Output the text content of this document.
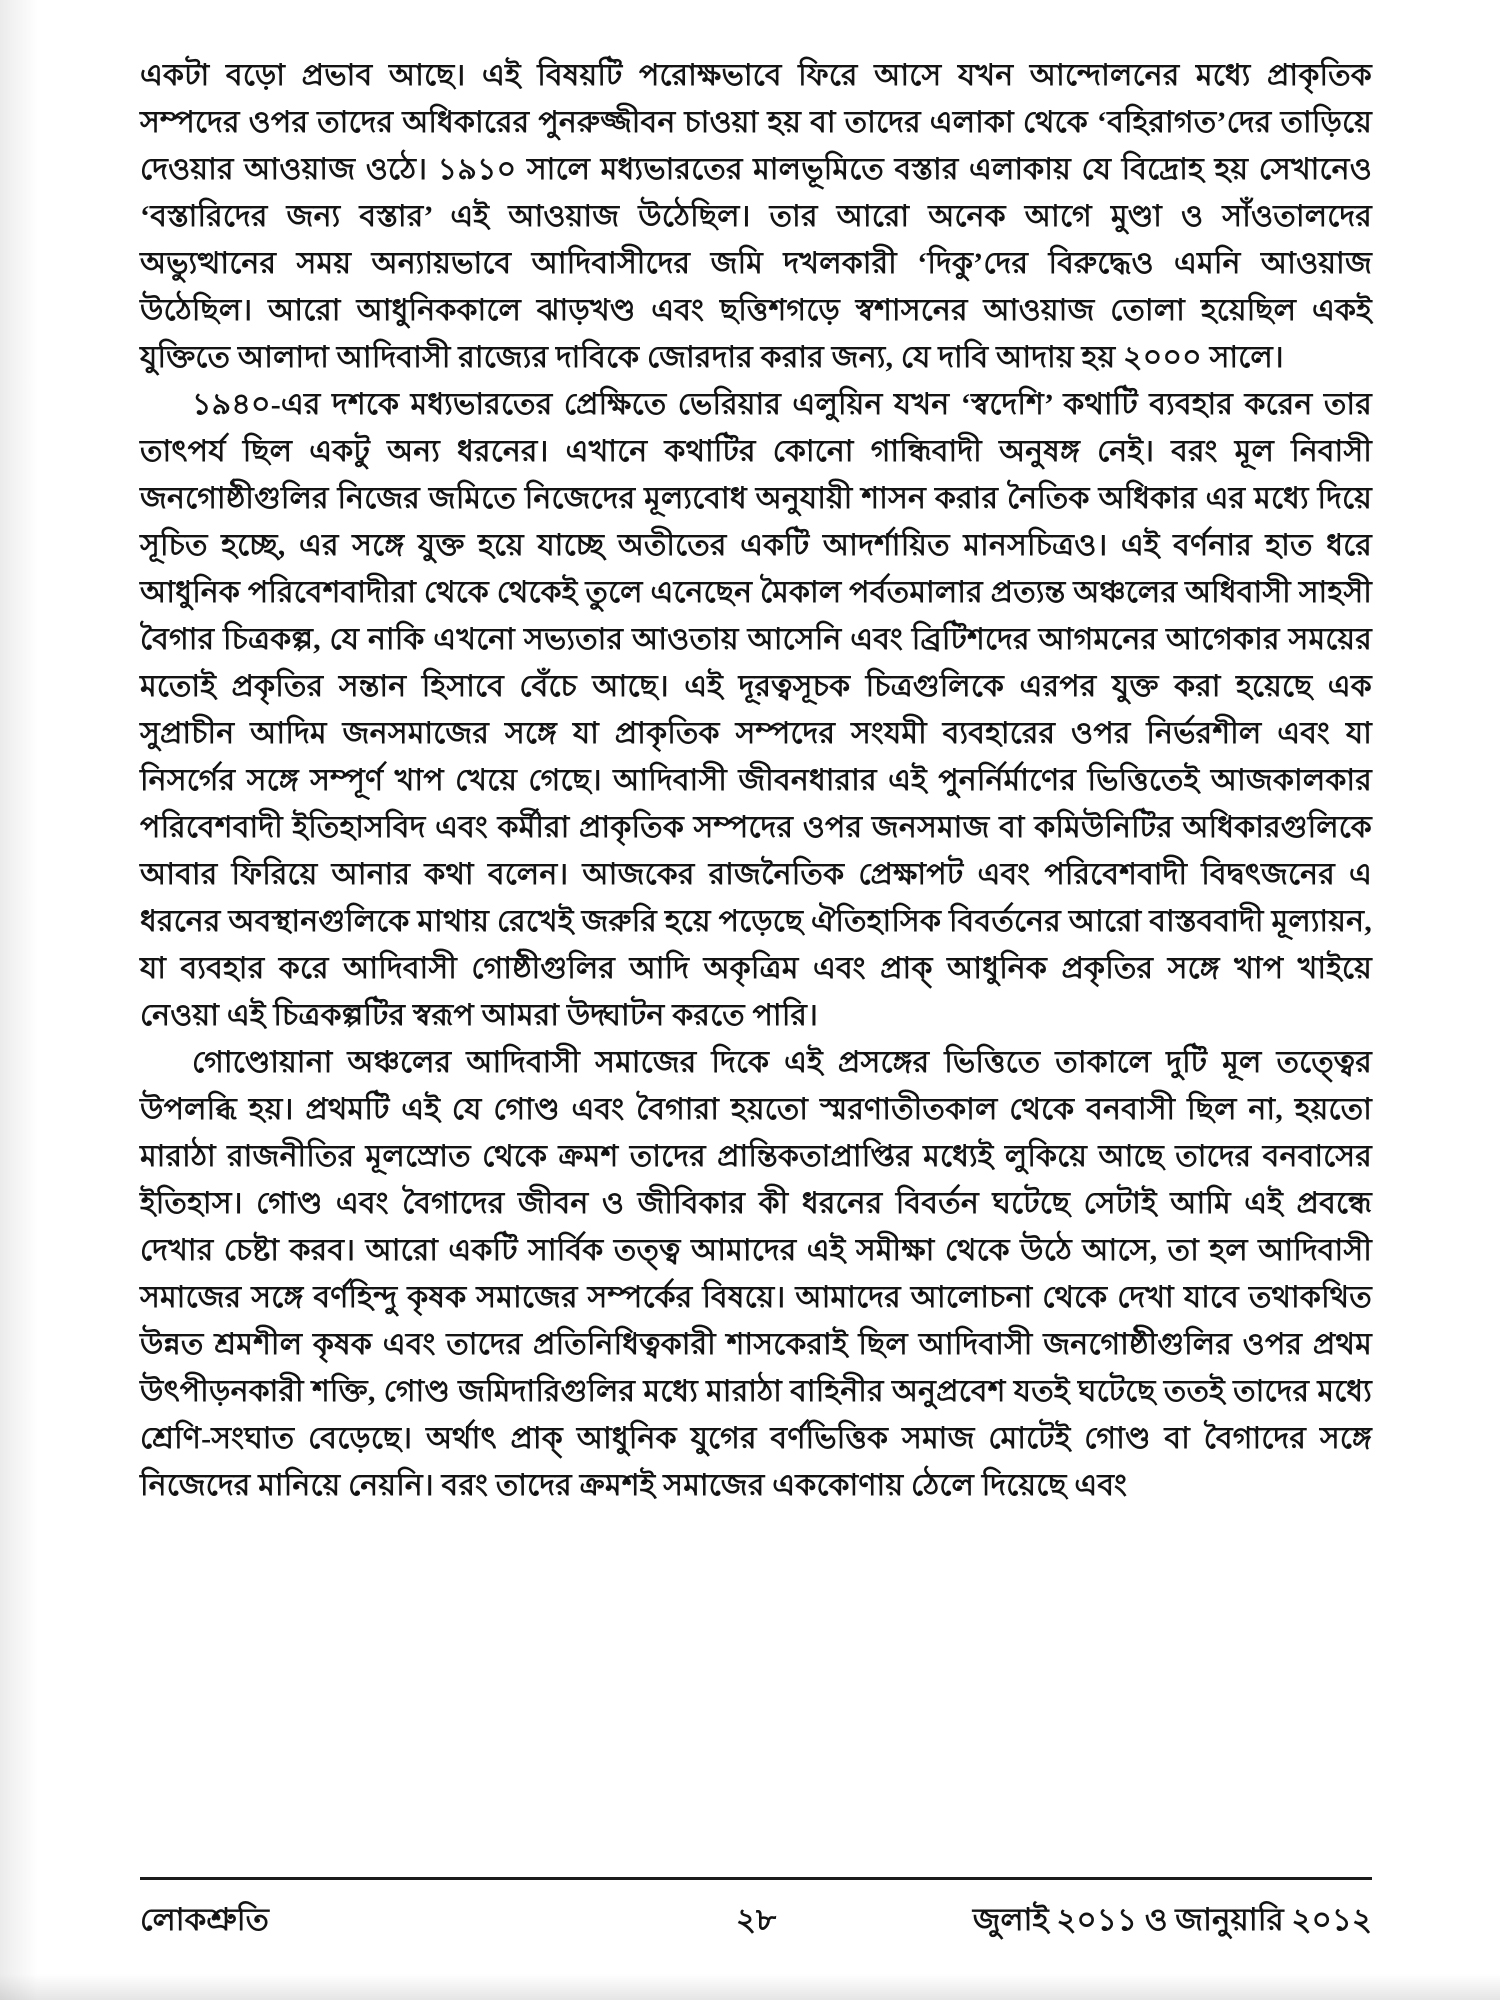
একটা বড়ো প্রভাব আছে। এই বিষয়টি পরোক্ষভাবে ফিরে আসে যখন আন্দোলনের মধ্যে প্রাকৃতিক সম্পদের ওপর তাদের অধিকারের পুনরুজ্জীবন চাওয়া হয় বা তাদের এলাকা থেকে ‘বহিরাগত’দের তাড়িয়ে দেওয়ার আওয়াজ ওঠে। ১৯১০ সালে মধ্যভারতের মালভূমিতে বস্তার এলাকায় যে বিদ্রোহ হয় সেখানেও ‘বস্তারিদের জন্য বস্তার’ এই আওয়াজ উঠেছিল। তার আরো অনেক আগে মুণ্ডা ও সাঁওতালদের অভ্যুত্থানের সময় অন্যায়ভাবে আদিবাসীদের জমি দখলকারী ‘দিকু’দের বিরুদ্ধেও এমনি আওয়াজ উঠেছিল। আরো আধুনিককালে ঝাড়খণ্ড এবং ছত্তিশগড়ে স্বশাসনের আওয়াজ তোলা হয়েছিল একই যুক্তিতে আলাদা আদিবাসী রাজ্যের দাবিকে জোরদার করার জন্য, যে দাবি আদায় হয় ২০০০ সালে।

১৯৪০-এর দশকে মধ্যভারতের প্রেক্ষিতে ভেরিয়ার এলুয়িন যখন ‘স্বদেশি’ কথাটি ব্যবহার করেন তার তাৎপর্য ছিল একটু অন্য ধরনের। এখানে কথাটির কোনো গান্ধিবাদী অনুষঙ্গ নেই। বরং মূল নিবাসী জনগোষ্ঠীগুলির নিজের জমিতে নিজেদের মূল্যবোধ অনুযায়ী শাসন করার নৈতিক অধিকার এর মধ্যে দিয়ে সূচিত হচ্ছে, এর সঙ্গে যুক্ত হয়ে যাচ্ছে অতীতের একটি আদর্শায়িত মানসচিত্রও। এই বর্ণনার হাত ধরে আধুনিক পরিবেশবাদীরা থেকে থেকেই তুলে এনেছেন মৈকাল পর্বতমালার প্রত্যন্ত অঞ্চলের অধিবাসী সাহসী বৈগার চিত্রকল্প, যে নাকি এখনো সভ্যতার আওতায় আসেনি এবং ব্রিটিশদের আগমনের আগেকার সময়ের মতোই প্রকৃতির সন্তান হিসাবে বেঁচে আছে। এই দূরত্বসূচক চিত্রগুলিকে এরপর যুক্ত করা হয়েছে এক সুপ্রাচীন আদিম জনসমাজের সঙ্গে যা প্রাকৃতিক সম্পদের সংযমী ব্যবহারের ওপর নির্ভরশীল এবং যা নিসর্গের সঙ্গে সম্পূর্ণ খাপ খেয়ে গেছে। আদিবাসী জীবনধারার এই পুনর্নির্মাণের ভিত্তিতেই আজকালকার পরিবেশবাদী ইতিহাসবিদ এবং কর্মীরা প্রাকৃতিক সম্পদের ওপর জনসমাজ বা কমিউনিটির অধিকারগুলিকে আবার ফিরিয়ে আনার কথা বলেন। আজকের রাজনৈতিক প্রেক্ষাপট এবং পরিবেশবাদী বিদ্বৎজনের এ ধরনের অবস্থানগুলিকে মাথায় রেখেই জরুরি হয়ে পড়েছে ঐতিহাসিক বিবর্তনের আরো বাস্তববাদী মূল্যায়ন, যা ব্যবহার করে আদিবাসী গোষ্ঠীগুলির আদি অকৃত্রিম এবং প্রাক্‌ আধুনিক প্রকৃতির সঙ্গে খাপ খাইয়ে নেওয়া এই চিত্রকল্পটির স্বরূপ আমরা উদ্ঘাটন করতে পারি।

গোণ্ডোয়ানা অঞ্চলের আদিবাসী সমাজের দিকে এই প্রসঙ্গের ভিত্তিতে তাকালে দুটি মূল তত্ত্বের উপলব্ধি হয়। প্রথমটি এই যে গোণ্ড এবং বৈগারা হয়তো স্মরণাতীতকাল থেকে বনবাসী ছিল না, হয়তো মারাঠা রাজনীতির মূলস্রোত থেকে ক্রমশ তাদের প্রান্তিকতাপ্রাপ্তির মধ্যেই লুকিয়ে আছে তাদের বনবাসের ইতিহাস। গোণ্ড এবং বৈগাদের জীবন ও জীবিকার কী ধরনের বিবর্তন ঘটেছে সেটাই আমি এই প্রবন্ধে দেখার চেষ্টা করব। আরো একটি সার্বিক তত্ত্ব আমাদের এই সমীক্ষা থেকে উঠে আসে, তা হল আদিবাসী সমাজের সঙ্গে বর্ণহিন্দু কৃষক সমাজের সম্পর্কের বিষয়ে। আমাদের আলোচনা থেকে দেখা যাবে তথাকথিত উন্নত শ্রমশীল কৃষক এবং তাদের প্রতিনিধিত্বকারী শাসকেরাই ছিল আদিবাসী জনগোষ্ঠীগুলির ওপর প্রথম উৎপীড়নকারী শক্তি, গোণ্ড জমিদারিগুলির মধ্যে মারাঠা বাহিনীর অনুপ্রবেশ যতই ঘটেছে ততই তাদের মধ্যে শ্রেণি-সংঘাত বেড়েছে। অর্থাৎ প্রাক্‌ আধুনিক যুগের বর্ণভিত্তিক সমাজ মোটেই গোণ্ড বা বৈগাদের সঙ্গে নিজেদের মানিয়ে নেয়নি। বরং তাদের ক্রমশই সমাজের এককোণায় ঠেলে দিয়েছে এবং

লোকশ্রুতি	২৮	জুলাই ২০১১ ও জানুয়ারি ২০১২
